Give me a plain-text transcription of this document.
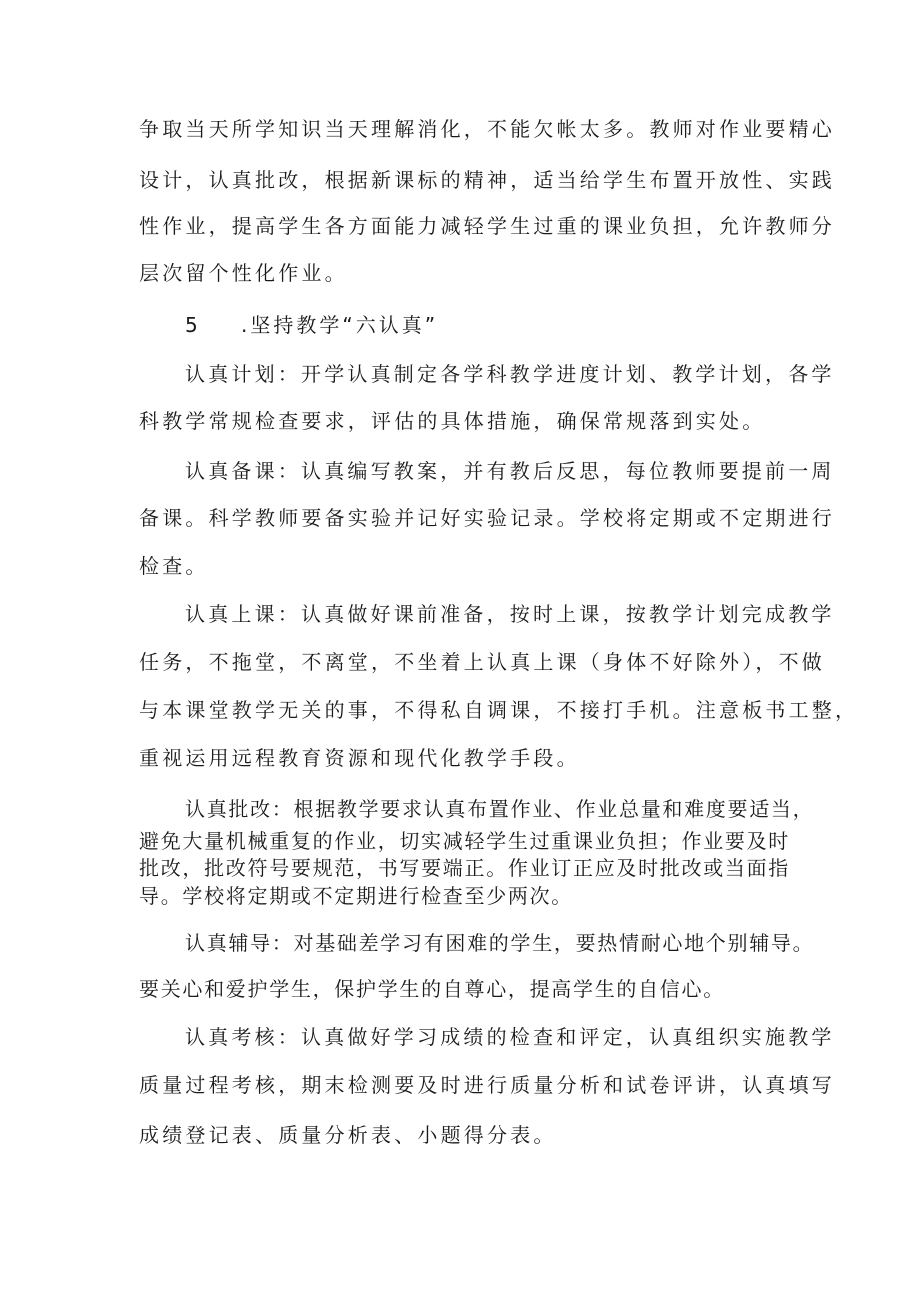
争取当天所学知识当天理解消化，不能欠帐太多。教师对作业要精心
设计，认真批改，根据新课标的精神，适当给学生布置开放性、实践
性作业，提高学生各方面能力减轻学生过重的课业负担，允许教师分
层次留个性化作业。
5 .坚持教学“六认真”
认真计划：开学认真制定各学科教学进度计划、教学计划，各学
科教学常规检查要求，评估的具体措施，确保常规落到实处。
认真备课：认真编写教案，并有教后反思，每位教师要提前一周
备课。科学教师要备实验并记好实验记录。学校将定期或不定期进行
检查。
认真上课：认真做好课前准备，按时上课，按教学计划完成教学
任务，不拖堂，不离堂，不坐着上认真上课（身体不好除外），不做
与本课堂教学无关的事，不得私自调课，不接打手机。注意板书工整，
重视运用远程教育资源和现代化教学手段。
认真批改：根据教学要求认真布置作业、作业总量和难度要适当，
避免大量机械重复的作业，切实减轻学生过重课业负担；作业要及时
批改，批改符号要规范，书写要端正。作业订正应及时批改或当面指
导。学校将定期或不定期进行检查至少两次。
认真辅导：对基础差学习有困难的学生，要热情耐心地个别辅导。
要关心和爱护学生，保护学生的自尊心，提高学生的自信心。
认真考核：认真做好学习成绩的检查和评定，认真组织实施教学
质量过程考核，期末检测要及时进行质量分析和试卷评讲，认真填写
成绩登记表、质量分析表、小题得分表。
